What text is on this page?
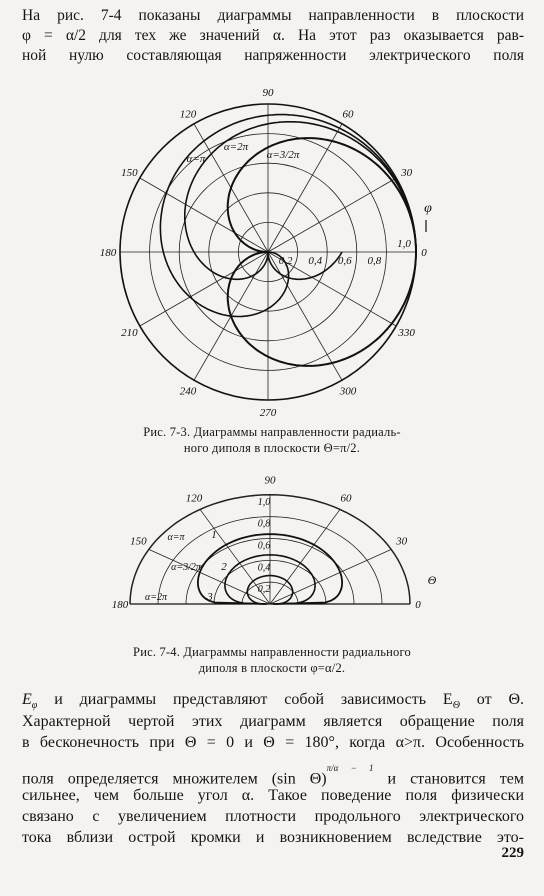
На рис. 7-4 показаны диаграммы направленности в плоскости
φ = α/2 для тех же значений α. На этот раз оказывается рав-
ной нулю составляющая напряженности электрического поля
0
30
60
90
120
150
180
210
240
270
300
330
0,2 0,4 0,6 0,8
1,0
α=π
α=2π
α=3/2π
φ
Рис. 7-3. Диаграммы направленности радиаль-
ного диполя в плоскости Θ=π/2.
0
30
60
90
120
150
180
0,2
0,4
0,6
0,8
1,0
α=π
α=3/2π
α=2π
1
2
3
Θ
Рис. 7-4. Диаграммы направленности радиального
диполя в плоскости φ=α/2.
$E_\varphi$ и диаграммы представляют собой зависимость $E_\Theta$ от Θ.
Характерной чертой этих диаграмм является обращение поля
в бесконечность при Θ = 0 и Θ = 180°, когда α>π. Особенность
поля определяется множителем (sin Θ)$^{\pi/\alpha - 1}$ и становится тем
сильнее, чем больше угол α. Такое поведение поля физически
связано с увеличением плотности продольного электрического
тока вблизи острой кромки и возникновением вследствие это-
229
